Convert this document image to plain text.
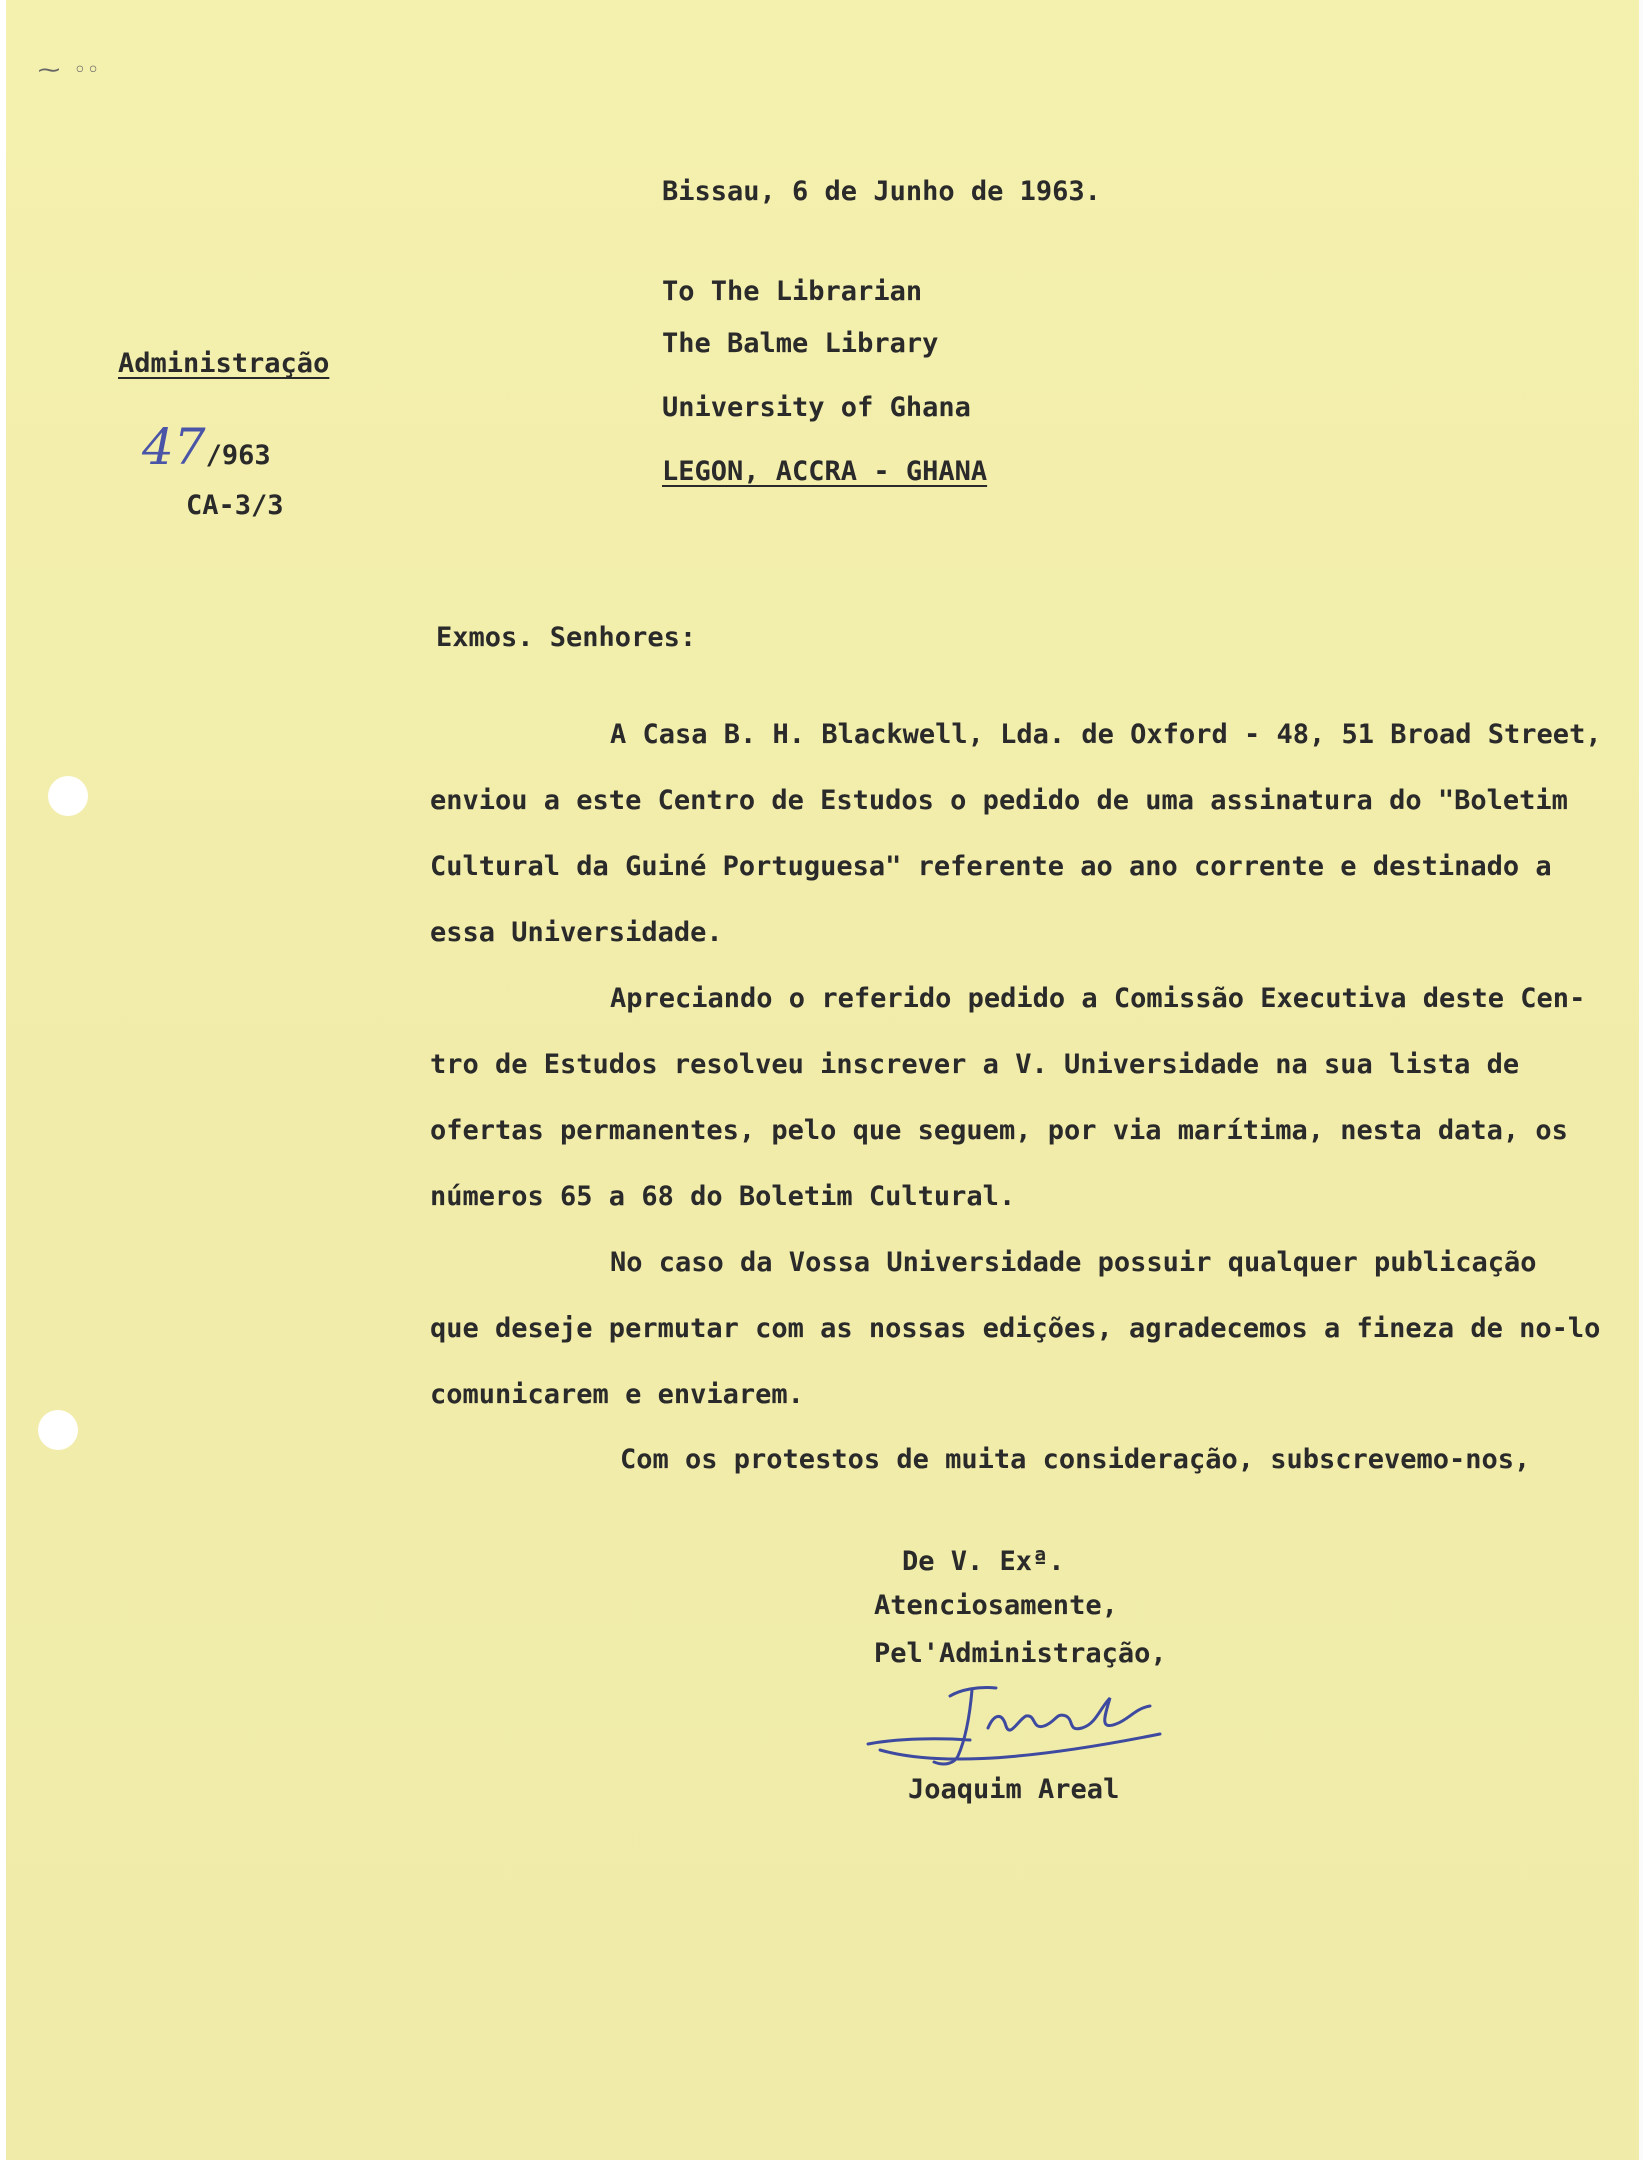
⁓ ◦◦
Bissau, 6 de Junho de 1963.
To The Librarian
The Balme Library
University of Ghana
LEGON, ACCRA - GHANA
Administração
47/963
CA-3/3
Exmos. Senhores:
A Casa B. H. Blackwell, Lda. de Oxford - 48, 51 Broad Street,
enviou a este Centro de Estudos o pedido de uma assinatura do "Boletim
Cultural da Guiné Portuguesa" referente ao ano corrente e destinado a
essa Universidade.
Apreciando o referido pedido a Comissão Executiva deste Cen-
tro de Estudos resolveu inscrever a V. Universidade na sua lista de
ofertas permanentes, pelo que seguem, por via marítima, nesta data, os
números 65 a 68 do Boletim Cultural.
No caso da Vossa Universidade possuir qualquer publicação
que deseje permutar com as nossas edições, agradecemos a fineza de no-lo
comunicarem e enviarem.
Com os protestos de muita consideração, subscrevemo-nos,
De V. Exª.
Atenciosamente,
Pel'Administração,
Joaquim Areal
